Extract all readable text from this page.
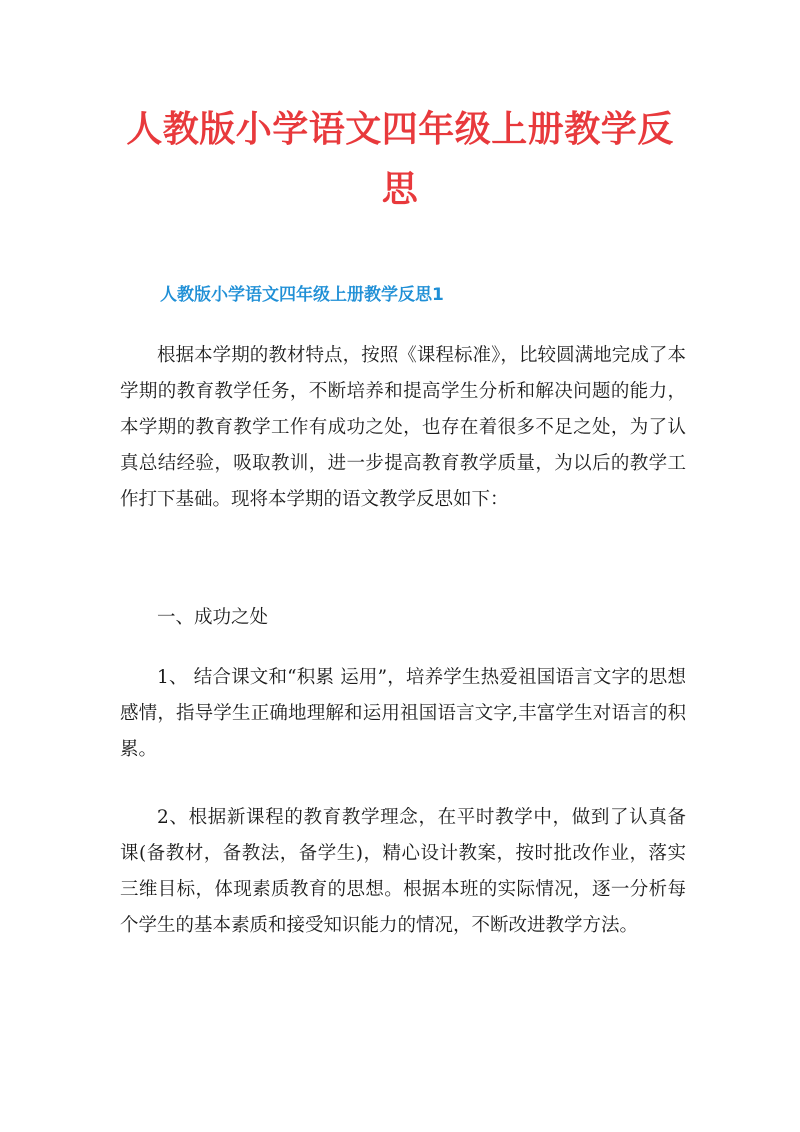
人教版小学语文四年级上册教学反思
人教版小学语文四年级上册教学反思1

根据本学期的教材特点，按照《课程标准》，比较圆满地完成了本学期的教育教学任务，不断培养和提高学生分析和解决问题的能力，本学期的教育教学工作有成功之处，也存在着很多不足之处，为了认真总结经验，吸取教训，进一步提高教育教学质量，为以后的教学工作打下基础。现将本学期的语文教学反思如下：

一、成功之处

1、 结合课文和“积累 运用”，培养学生热爱祖国语言文字的思想感情，指导学生正确地理解和运用祖国语言文字,丰富学生对语言的积累。

2、根据新课程的教育教学理念，在平时教学中，做到了认真备课(备教材，备教法，备学生)，精心设计教案，按时批改作业，落实三维目标，体现素质教育的思想。根据本班的实际情况，逐一分析每个学生的基本素质和接受知识能力的情况，不断改进教学方法。
